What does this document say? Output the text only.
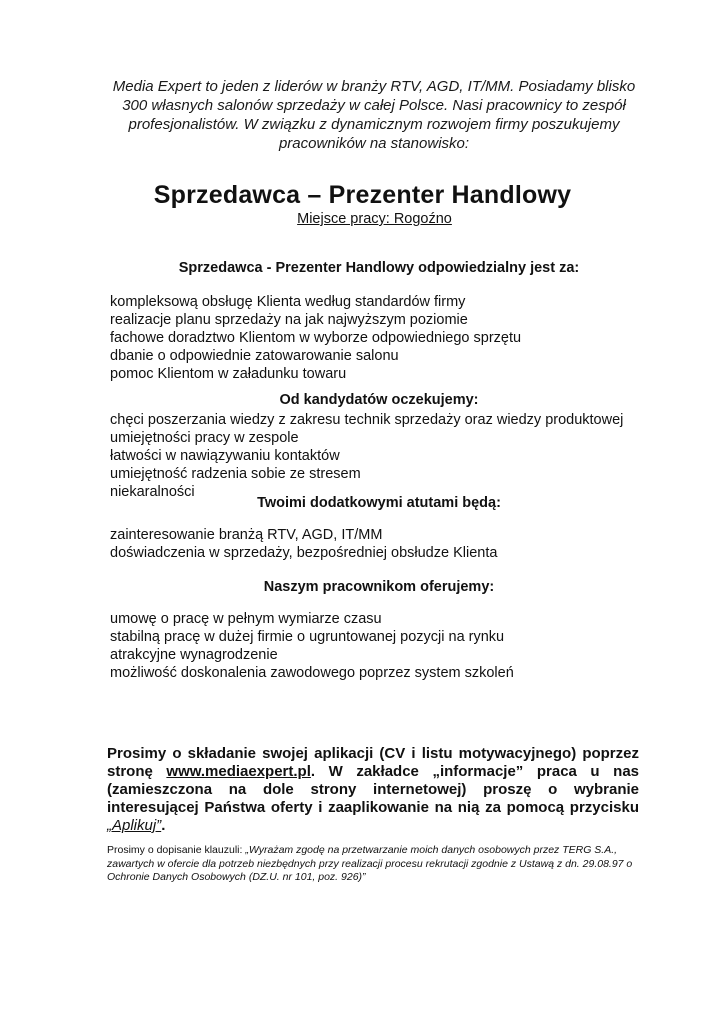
Media Expert to jeden z liderów w branży RTV, AGD, IT/MM. Posiadamy blisko 300 własnych salonów sprzedaży w całej Polsce. Nasi pracownicy to zespół profesjonalistów. W związku z dynamicznym rozwojem firmy poszukujemy pracowników na stanowisko:
Sprzedawca – Prezenter Handlowy
Miejsce pracy: Rogoźno
Sprzedawca - Prezenter Handlowy odpowiedzialny jest za:
kompleksową obsługę Klienta według standardów firmy
realizacje planu sprzedaży na jak najwyższym poziomie
fachowe doradztwo Klientom w wyborze odpowiedniego sprzętu
dbanie o odpowiednie zatowarowanie salonu
pomoc Klientom w załadunku towaru
Od kandydatów oczekujemy:
chęci poszerzania wiedzy z zakresu technik sprzedaży oraz wiedzy produktowej
umiejętności pracy w zespole
łatwości w nawiązywaniu kontaktów
umiejętność radzenia sobie ze stresem
niekaralności
Twoimi dodatkowymi atutami będą:
zainteresowanie branżą RTV, AGD, IT/MM
doświadczenia w sprzedaży, bezpośredniej obsłudze Klienta
Naszym pracownikom oferujemy:
umowę o pracę w pełnym wymiarze czasu
stabilną pracę w dużej firmie o ugruntowanej pozycji na rynku
atrakcyjne wynagrodzenie
możliwość doskonalenia zawodowego poprzez system szkoleń
Prosimy o składanie swojej aplikacji (CV i listu motywacyjnego) poprzez stronę www.mediaexpert.pl. W zakładce „informacje” praca u nas (zamieszczona na dole strony internetowej) proszę o wybranie interesującej Państwa oferty i zaaplikowanie na nią za pomocą przycisku „Aplikuj”.
Prosimy o dopisanie klauzuli: „Wyrażam zgodę na przetwarzanie moich danych osobowych przez TERG S.A., zawartych w ofercie dla potrzeb niezbędnych przy realizacji procesu rekrutacji zgodnie z Ustawą z dn. 29.08.97 o Ochronie Danych Osobowych (DZ.U. nr 101, poz. 926)”
